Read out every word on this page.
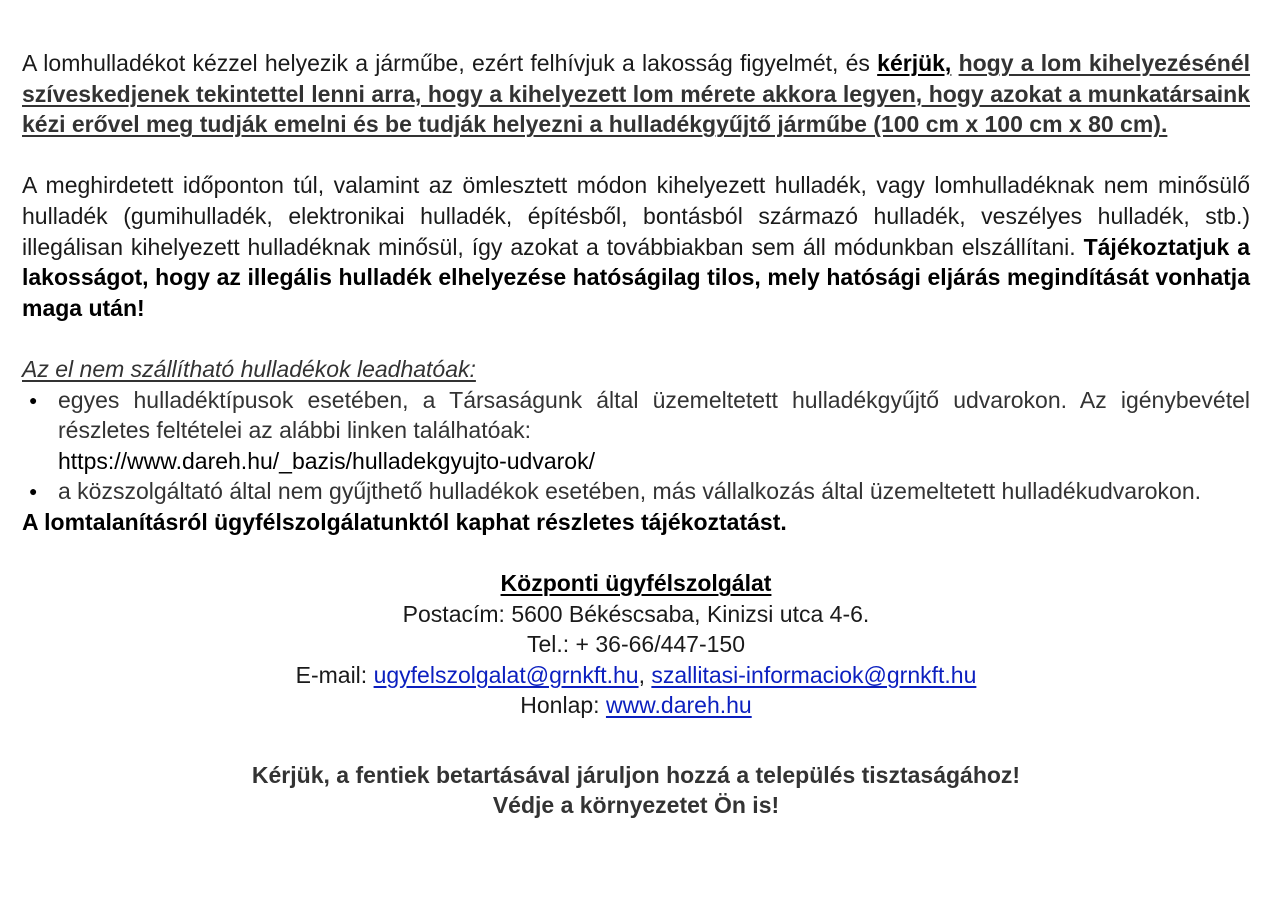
A lomhulladékot kézzel helyezik a járműbe, ezért felhívjuk a lakosság figyelmét, és kérjük, hogy a lom kihelyezésénél szíveskedjenek tekintettel lenni arra, hogy a kihelyezett lom mérete akkora legyen, hogy azokat a munkatársaink kézi erővel meg tudják emelni és be tudják helyezni a hulladékgyűjtő járműbe (100 cm x 100 cm x 80 cm).

A meghirdetett időponton túl, valamint az ömlesztett módon kihelyezett hulladék, vagy lomhulladéknak nem minősülő hulladék (gumihulladék, elektronikai hulladék, építésből, bontásból származó hulladék, veszélyes hulladék, stb.) illegálisan kihelyezett hulladéknak minősül, így azokat a továbbiakban sem áll módunkban elszállítani. Tájékoztatjuk a lakosságot, hogy az illegális hulladék elhelyezése hatóságilag tilos, mely hatósági eljárás megindítását vonhatja maga után!

Az el nem szállítható hulladékok leadhatóak:

● egyes hulladéktípusok esetében, a Társaságunk által üzemeltetett hulladékgyűjtő udvarokon. Az igénybevétel részletes feltételei az alábbi linken találhatóak:
https://www.dareh.hu/_bazis/hulladekgyujto-udvarok/
● a közszolgáltató által nem gyűjthető hulladékok esetében, más vállalkozás által üzemeltetett hulladékudvarokon.

A lomtalanításról ügyfélszolgálatunktól kaphat részletes tájékoztatást.

Központi ügyfélszolgálat

Postacím: 5600 Békéscsaba, Kinizsi utca 4-6.

Tel.: + 36-66/447-150

E-mail: ugyfelszolgalat@grnkft.hu, szallitasi-informaciok@grnkft.hu

Honlap: www.dareh.hu

Kérjük, a fentiek betartásával járuljon hozzá a település tisztaságához!

Védje a környezetet Ön is!
